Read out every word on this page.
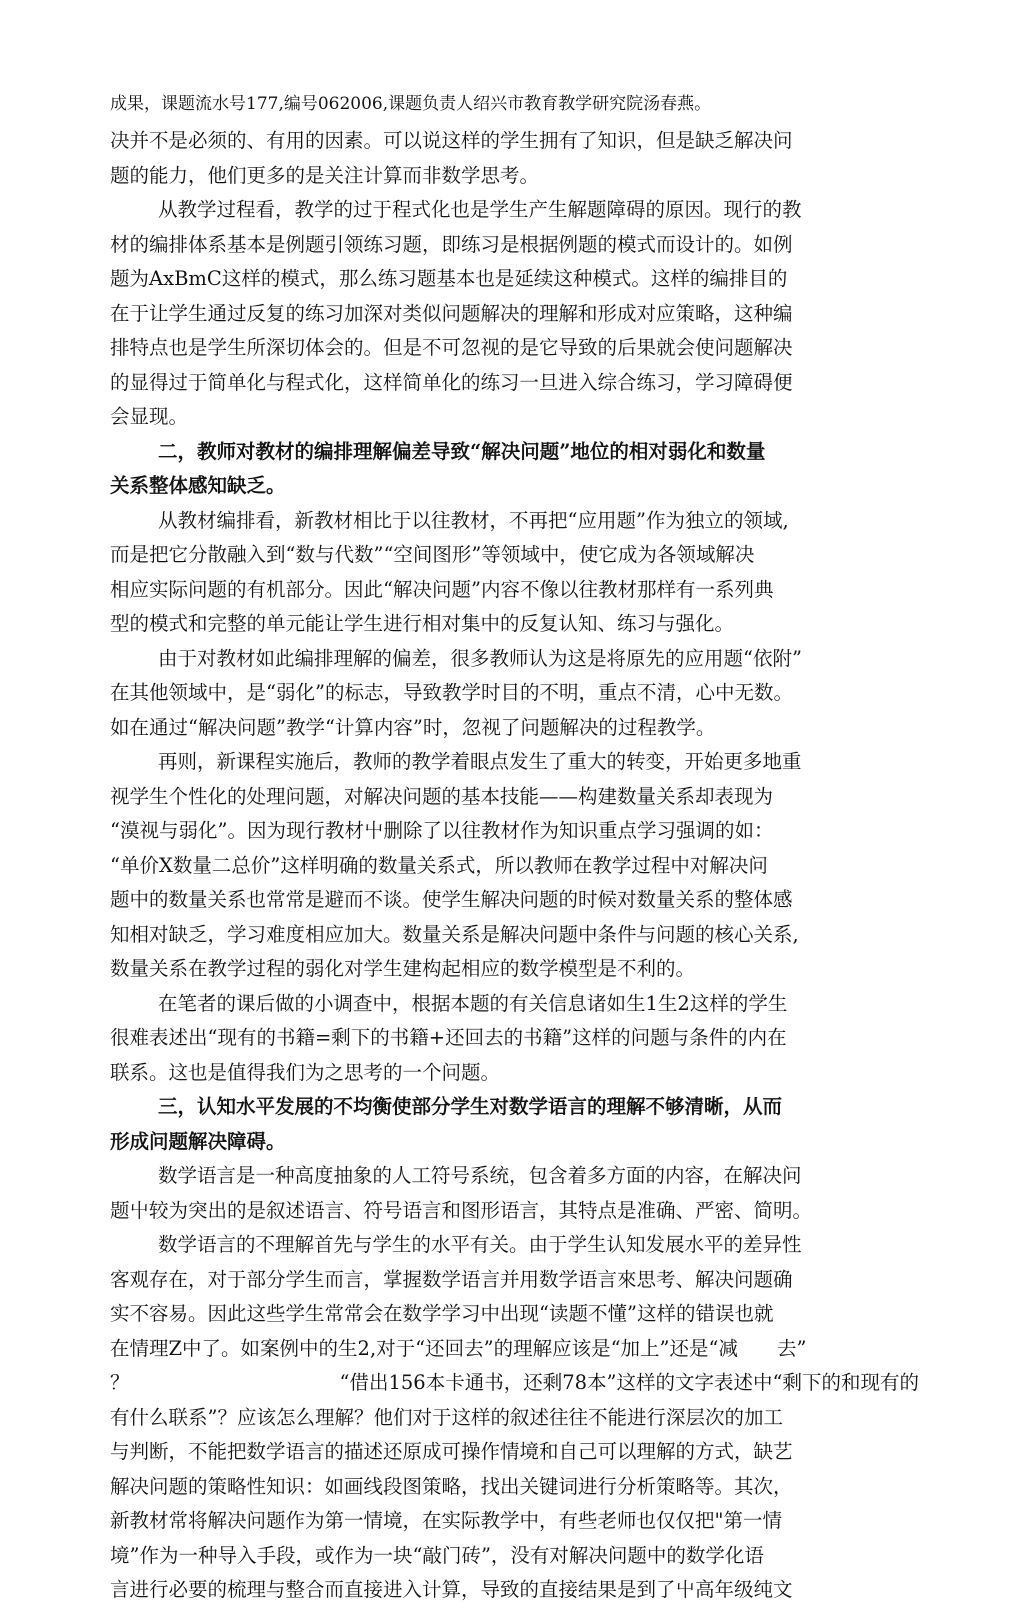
成果，课题流水号177,编号062006,课题负责人绍兴市教育教学研究院汤春燕。
决并不是必须的、有用的因素。可以说这样的学生拥有了知识，但是缺乏解决问
题的能力，他们更多的是关注计算而非数学思考。
从教学过程看，教学的过于程式化也是学生产生解题障碍的原因。现行的教
材的编排体系基本是例题引领练习题，即练习是根据例题的模式而设计的。如例
题为AxBmC这样的模式，那么练习题基本也是延续这种模式。这样的编排目的
在于让学生通过反复的练习加深对类似问题解决的理解和形成对应策略，这种编
排特点也是学生所深切体会的。但是不可忽视的是它导致的后果就会使问题解决
的显得过于简单化与程式化，这样简单化的练习一旦进入综合练习，学习障碍便
会显现。
二，教师对教材的编排理解偏差导致“解决问题”地位的相对弱化和数量
关系整体感知缺乏。
从教材编排看，新教材相比于以往教材，不再把“应用题”作为独立的领域,
而是把它分散融入到“数与代数”“空间图形”等领域中，使它成为各领域解决
相应实际问题的有机部分。因此“解决问题”内容不像以往教材那样有一系列典
型的模式和完整的单元能让学生进行相对集中的反复认知、练习与强化。
由于对教材如此编排理解的偏差，很多教师认为这是将原先的应用题“依附”
在其他领域中，是“弱化”的标志，导致教学时目的不明，重点不清，心中无数。
如在通过“解决问题”教学“计算内容”时，忽视了问题解决的过程教学。
再则，新课程实施后，教师的教学着眼点发生了重大的转变，开始更多地重
视学生个性化的处理问题，对解决问题的基本技能——构建数量关系却表现为
“漠视与弱化”。因为现行教材屮删除了以往教材作为知识重点学习强调的如：
“单价X数量二总价”这样明确的数量关系式，所以教师在教学过程中对解决问
题中的数量关系也常常是避而不谈。使学生解决问题的时候对数量关系的整体感
知相对缺乏，学习难度相应加大。数量关系是解决问题中条件与问题的核心关系,
数量关系在教学过程的弱化对学生建构起相应的数学模型是不利的。
在笔者的课后做的小调查中，根据本题的有关信息诸如生1生2这样的学生
很难表述出“现有的书籍=剩下的书籍+还回去的书籍”这样的问题与条件的内在
联系。这也是值得我们为之思考的一个问题。
三，认知水平发展的不均衡使部分学生对数学语言的理解不够清晰，从而
形成问题解决障碍。
数学语言是一种高度抽象的人工符号系统，包含着多方面的内容，在解决问
题屮较为突出的是叙述语言、符号语言和图形语言，其特点是准确、严密、简明。
数学语言的不理解首先与学生的水平有关。由于学生认知发展水平的差异性
客观存在，对于部分学生而言，掌握数学语言并用数学语言來思考、解决问题确
实不容易。因此这些学生常常会在数学学习中出现“读题不懂”这样的错误也就
在情理Z中了。如案例中的生2,对于“还回去”的理解应该是“加上”还是“减　　去”
？	“借出156本卡通书，还剩78本”这样的文字表述中“剩下的和现有的
有什么联系”？应该怎么理解？他们对于这样的叙述往往不能进行深层次的加工
与判断，不能把数学语言的描述还原成可操作情境和自己可以理解的方式，缺艺
解决问题的策略性知识：如画线段图策略，找出关键词进行分析策略等。其次，
新教材常将解决问题作为第一情境，在实际教学中，有些老师也仅仅把"第一情
境”作为一种导入手段，或作为一块“敲门砖”，没有对解决问题中的数学化语
言进行必要的梳理与整合而直接进入计算，导致的直接结果是到了屮高年级纯文
